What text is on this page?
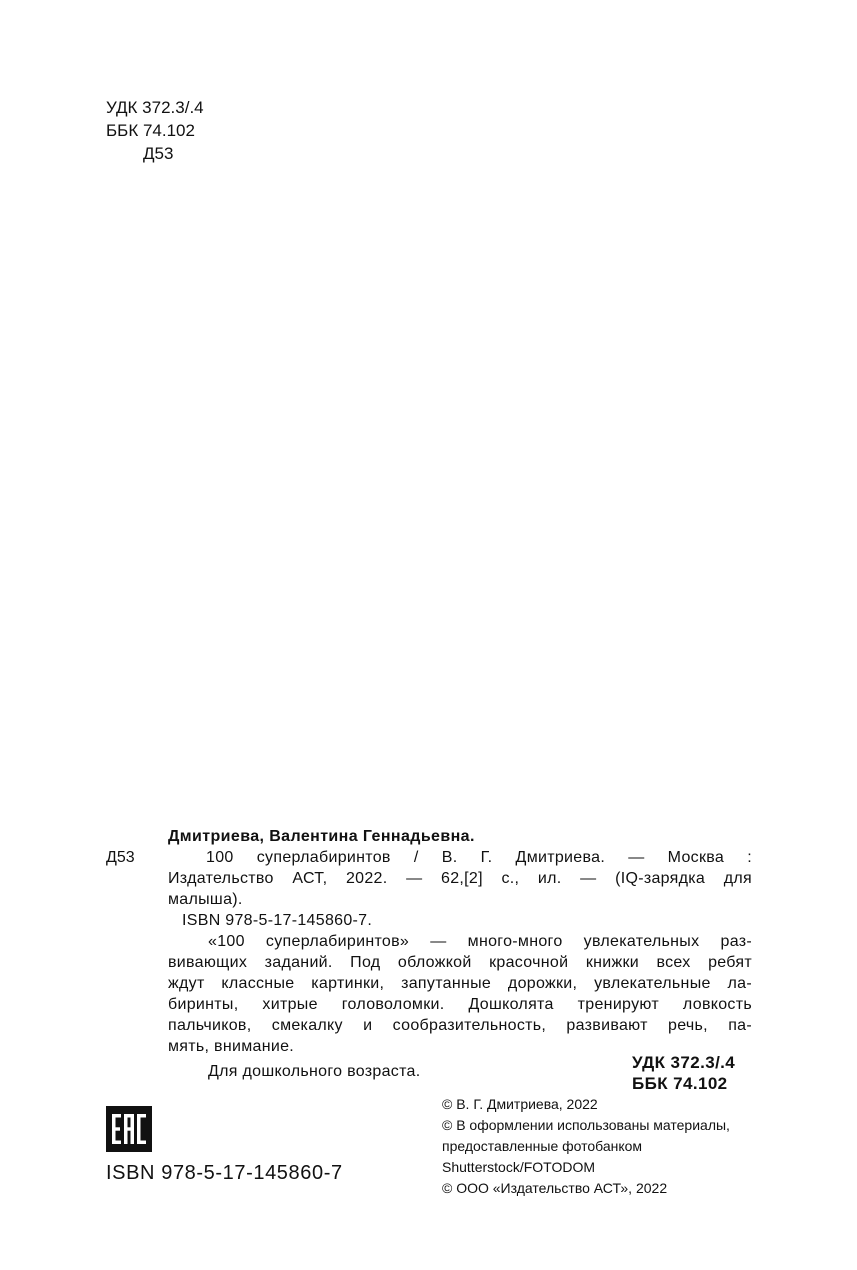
УДК 372.3/.4
ББК 74.102
Д53
Дмитриева, Валентина Геннадьевна.
Д53	100 суперлабиринтов / В. Г. Дмитриева. — Москва :
Издательство АСТ, 2022. — 62,[2] с., ил. — (IQ-зарядка для
малыша).
ISBN 978-5-17-145860-7.
«100 суперлабиринтов» — много-много увлекательных раз-
вивающих заданий. Под обложкой красочной книжки всех ребят
ждут классные картинки, запутанные дорожки, увлекательные ла-
биринты, хитрые головоломки. Дошколята тренируют ловкость
пальчиков, смекалку и сообразительность, развивают речь, па-
мять, внимание.
Для дошкольного возраста.	УДК 372.3/.4
ББК 74.102
© В. Г. Дмитриева, 2022
© В оформлении использованы материалы,
предоставленные фотобанком
Shutterstock/FOTODOM
© ООО «Издательство АСТ», 2022
ISBN 978-5-17-145860-7
